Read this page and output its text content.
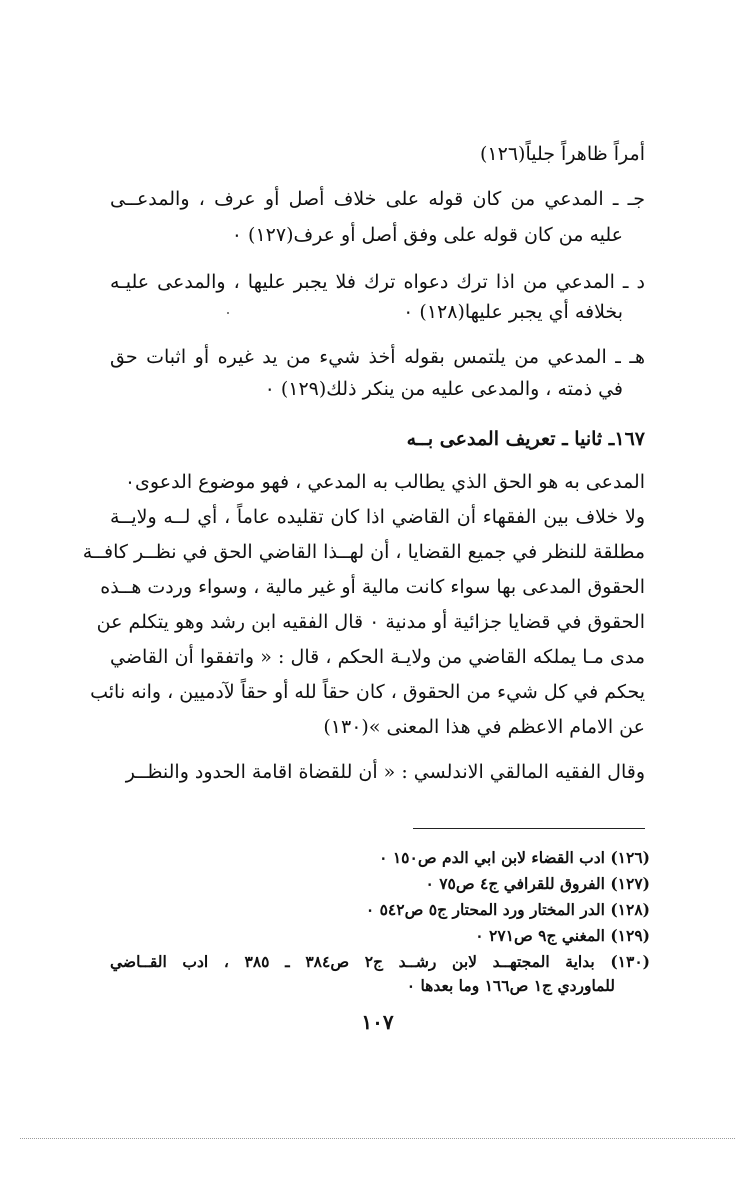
أمراً ظاهراً جلياً(١٢٦)
جـ ـ المدعي من كان قوله على خلاف أصل أو عرف ، والمدعــى
عليه من كان قوله على وفق أصل أو عرف(١٢٧) ٠
د ـ المدعي من اذا ترك دعواه ترك فلا يجبر عليها ، والمدعى عليـه
بخلافه أي يجبر عليها(١٢٨) ٠
هـ ـ المدعي من يلتمس بقوله أخذ شيء من يد غيره أو اثبات حق
في ذمته ، والمدعى عليه من ينكر ذلك(١٢٩) ٠
١٦٧ـ ثانيا ـ تعريف المدعى بــه
المدعى به هو الحق الذي يطالب به المدعي ، فهو موضوع الدعوى٠
ولا خلاف بين الفقهاء أن القاضي اذا كان تقليده عاماً ، أي لــه ولايــة
مطلقة للنظر في جميع القضايا ، أن لهــذا القاضي الحق في نظــر كافــة
الحقوق المدعى بها سواء كانت مالية أو غير مالية ، وسواء وردت هــذه
الحقوق في قضايا جزائية أو مدنية ٠ قال الفقيه ابن رشد وهو يتكلم عن
مدى مـا يملكه القاضي من ولايـة الحكم ، قال : « واتفقوا أن القاضي
يحكم في كل شيء من الحقوق ، كان حقاً لله أو حقاً لآدميين ، وانه نائب
عن الامام الاعظم في هذا المعنى »(١٣٠)
وقال الفقيه المالقي الاندلسي : « أن للقضاة اقامة الحدود والنظــر
(١٢٦) ادب القضاء لابن ابي الدم ص١٥٠ ٠
(١٢٧) الفروق للقرافي ج٤ ص٧٥ ٠
(١٢٨) الدر المختار ورد المحتار ج٥ ص٥٤٢ ٠
(١٢٩) المغني ج٩ ص٢٧١ ٠
(١٣٠) بداية المجتهــد لابن رشــد ج٢ ص٣٨٤ ـ ٣٨٥ ، ادب القــاضي
للماوردي ج١ ص١٦٦ وما بعدها ٠
١٠٧
